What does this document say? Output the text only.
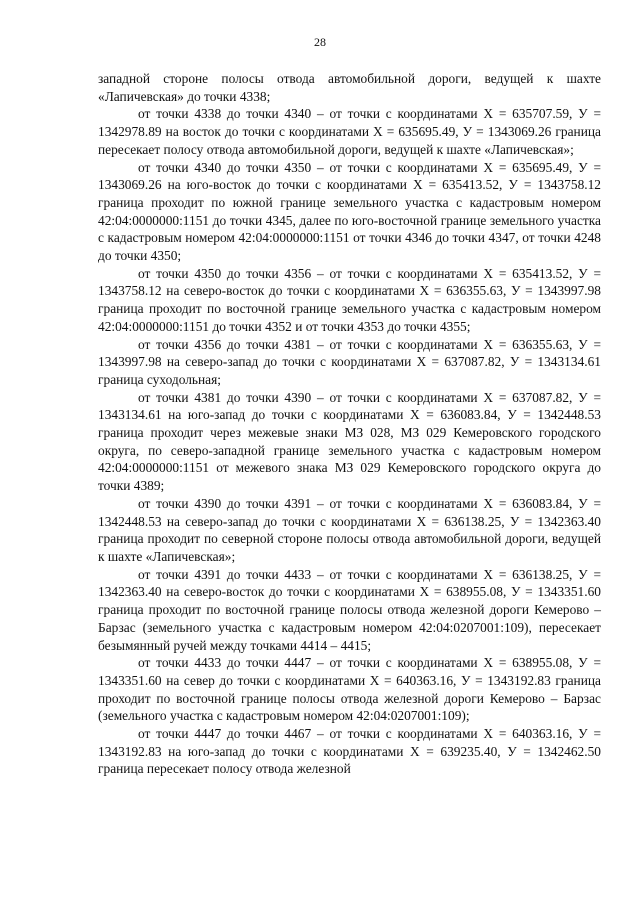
28

западной стороне полосы отвода автомобильной дороги, ведущей к шахте «Лапичевская» до точки 4338;

от точки 4338 до точки 4340 – от точки с координатами Х = 635707.59, У = 1342978.89 на восток до точки с координатами Х = 635695.49, У = 1343069.26 граница пересекает полосу отвода автомобильной дороги, ведущей к шахте «Лапичевская»;

от точки 4340 до точки 4350 – от точки с координатами Х = 635695.49, У = 1343069.26 на юго-восток до точки с координатами Х = 635413.52, У = 1343758.12 граница проходит по южной границе земельного участка с кадастровым номером 42:04:0000000:1151 до точки 4345, далее по юго-восточной границе земельного участка с кадастровым номером 42:04:0000000:1151 от точки 4346 до точки 4347, от точки 4248 до точки 4350;

от точки 4350 до точки 4356 – от точки с координатами Х = 635413.52, У = 1343758.12 на северо-восток до точки с координатами Х = 636355.63, У = 1343997.98 граница проходит по восточной границе земельного участка с кадастровым номером 42:04:0000000:1151 до точки 4352 и от точки 4353 до точки 4355;

от точки 4356 до точки 4381 – от точки с координатами Х = 636355.63, У = 1343997.98 на северо-запад до точки с координатами Х = 637087.82, У = 1343134.61 граница суходольная;

от точки 4381 до точки 4390 – от точки с координатами Х = 637087.82, У = 1343134.61 на юго-запад до точки с координатами Х = 636083.84, У = 1342448.53 граница проходит через межевые знаки МЗ 028, МЗ 029 Кемеровского городского округа, по северо-западной границе земельного участка с кадастровым номером 42:04:0000000:1151 от межевого знака МЗ 029 Кемеровского городского округа до точки 4389;

от точки 4390 до точки 4391 – от точки с координатами Х = 636083.84, У = 1342448.53 на северо-запад до точки с координатами Х = 636138.25, У = 1342363.40 граница проходит по северной стороне полосы отвода автомобильной дороги, ведущей к шахте «Лапичевская»;

от точки 4391 до точки 4433 – от точки с координатами Х = 636138.25, У = 1342363.40 на северо-восток до точки с координатами Х = 638955.08, У = 1343351.60 граница проходит по восточной границе полосы отвода железной дороги Кемерово – Барзас (земельного участка с кадастровым номером 42:04:0207001:109), пересекает безымянный ручей между точками 4414 – 4415;

от точки 4433 до точки 4447 – от точки с координатами Х = 638955.08, У = 1343351.60 на север до точки с координатами Х = 640363.16, У = 1343192.83 граница проходит по восточной границе полосы отвода железной дороги Кемерово – Барзас (земельного участка с кадастровым номером 42:04:0207001:109);

от точки 4447 до точки 4467 – от точки с координатами Х = 640363.16, У = 1343192.83 на юго-запад до точки с координатами Х = 639235.40, У = 1342462.50 граница пересекает полосу отвода железной
